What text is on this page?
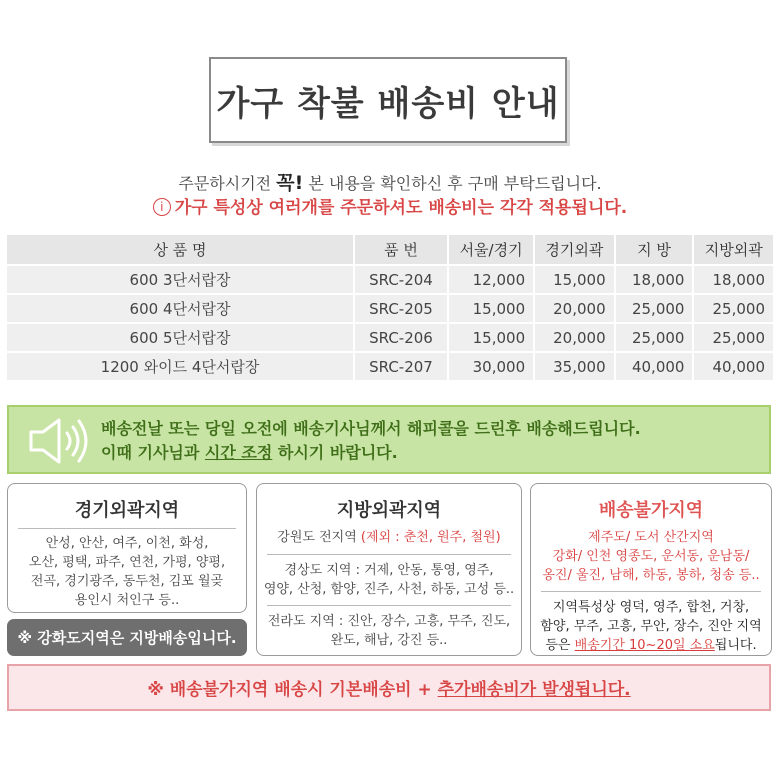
가구 착불 배송비 안내
주문하시기전 꼭! 본 내용을 확인하신 후 구매 부탁드립니다.
i 가구 특성상 여러개를 주문하셔도 배송비는 각각 적용됩니다.
상 품 명	품 번	서울/경기	경기외곽	지 방	지방외곽
600 3단서랍장	SRC-204	12,000	15,000	18,000	18,000
600 4단서랍장	SRC-205	15,000	20,000	25,000	25,000
600 5단서랍장	SRC-206	15,000	20,000	25,000	25,000
1200 와이드 4단서랍장	SRC-207	30,000	35,000	40,000	40,000
배송전날 또는 당일 오전에 배송기사님께서 해피콜을 드린후 배송해드립니다.
이때 기사님과 시간 조정 하시기 바랍니다.
경기외곽지역

안성, 안산, 여주, 이천, 화성,

오산, 평택, 파주, 연천, 가평, 양평,

전곡, 경기광주, 동두천, 김포 월곶

용인시 처인구 등..

※ 강화도지역은 지방배송입니다.
지방외곽지역

강원도 전지역 (제외 : 춘천, 원주, 철원)

경상도 지역 : 거제, 안동, 통영, 영주,

영양, 산청, 함양, 진주, 사천, 하동, 고성 등..

전라도 지역 : 진안, 장수, 고흥, 무주, 진도,

완도, 해남, 강진 등..

배송불가지역

제주도/ 도서 산간지역

강화/ 인천 영종도, 운서동, 운남동/

옹진/ 울진, 남해, 하동, 봉하, 청송 등..

지역특성상 영덕, 영주, 합천, 거창,

함양, 무주, 고흥, 무안, 장수, 진안 지역

등은 배송기간 10~20일 소요됩니다.

※ 배송불가지역 배송시 기본배송비 +
추가배송비가 발생됩니다.
